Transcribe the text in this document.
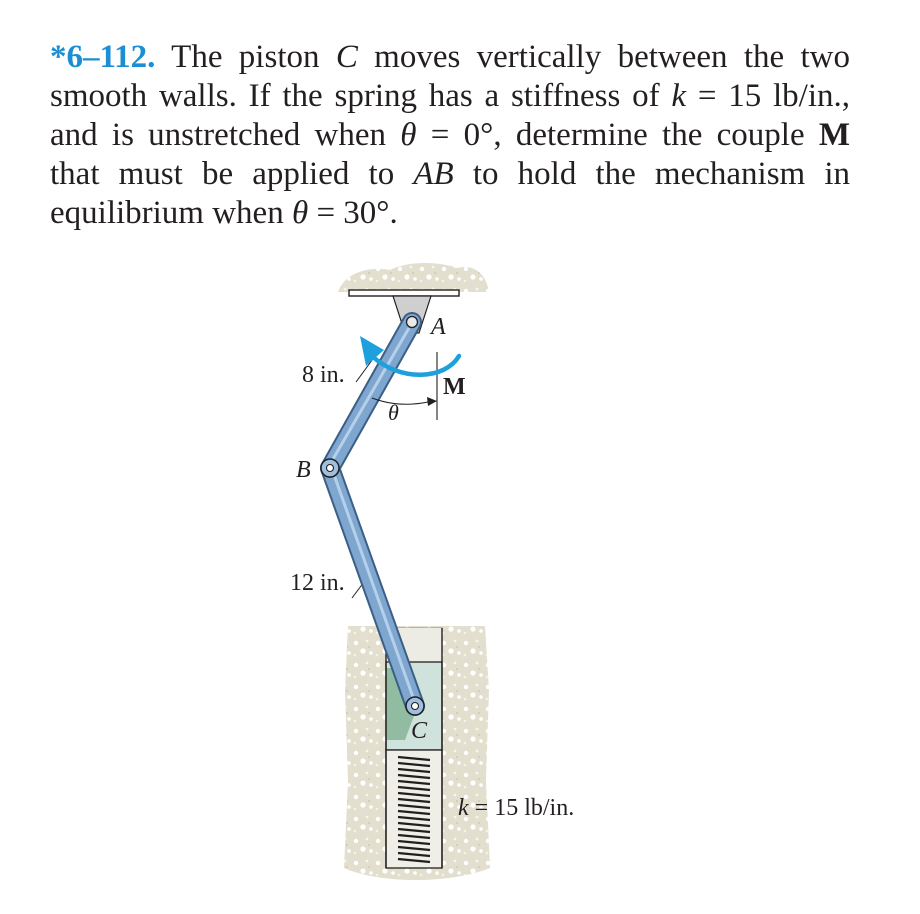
*6–112. The piston C moves vertically between the two
smooth walls. If the spring has a stiffness of k = 15 lb/in.,
and is unstretched when θ = 0°, determine the couple M
that must be applied to AB to hold the mechanism in
equilibrium when θ = 30°.
A
B
C
M
θ
8 in.
12 in.
k = 15 lb/in.
